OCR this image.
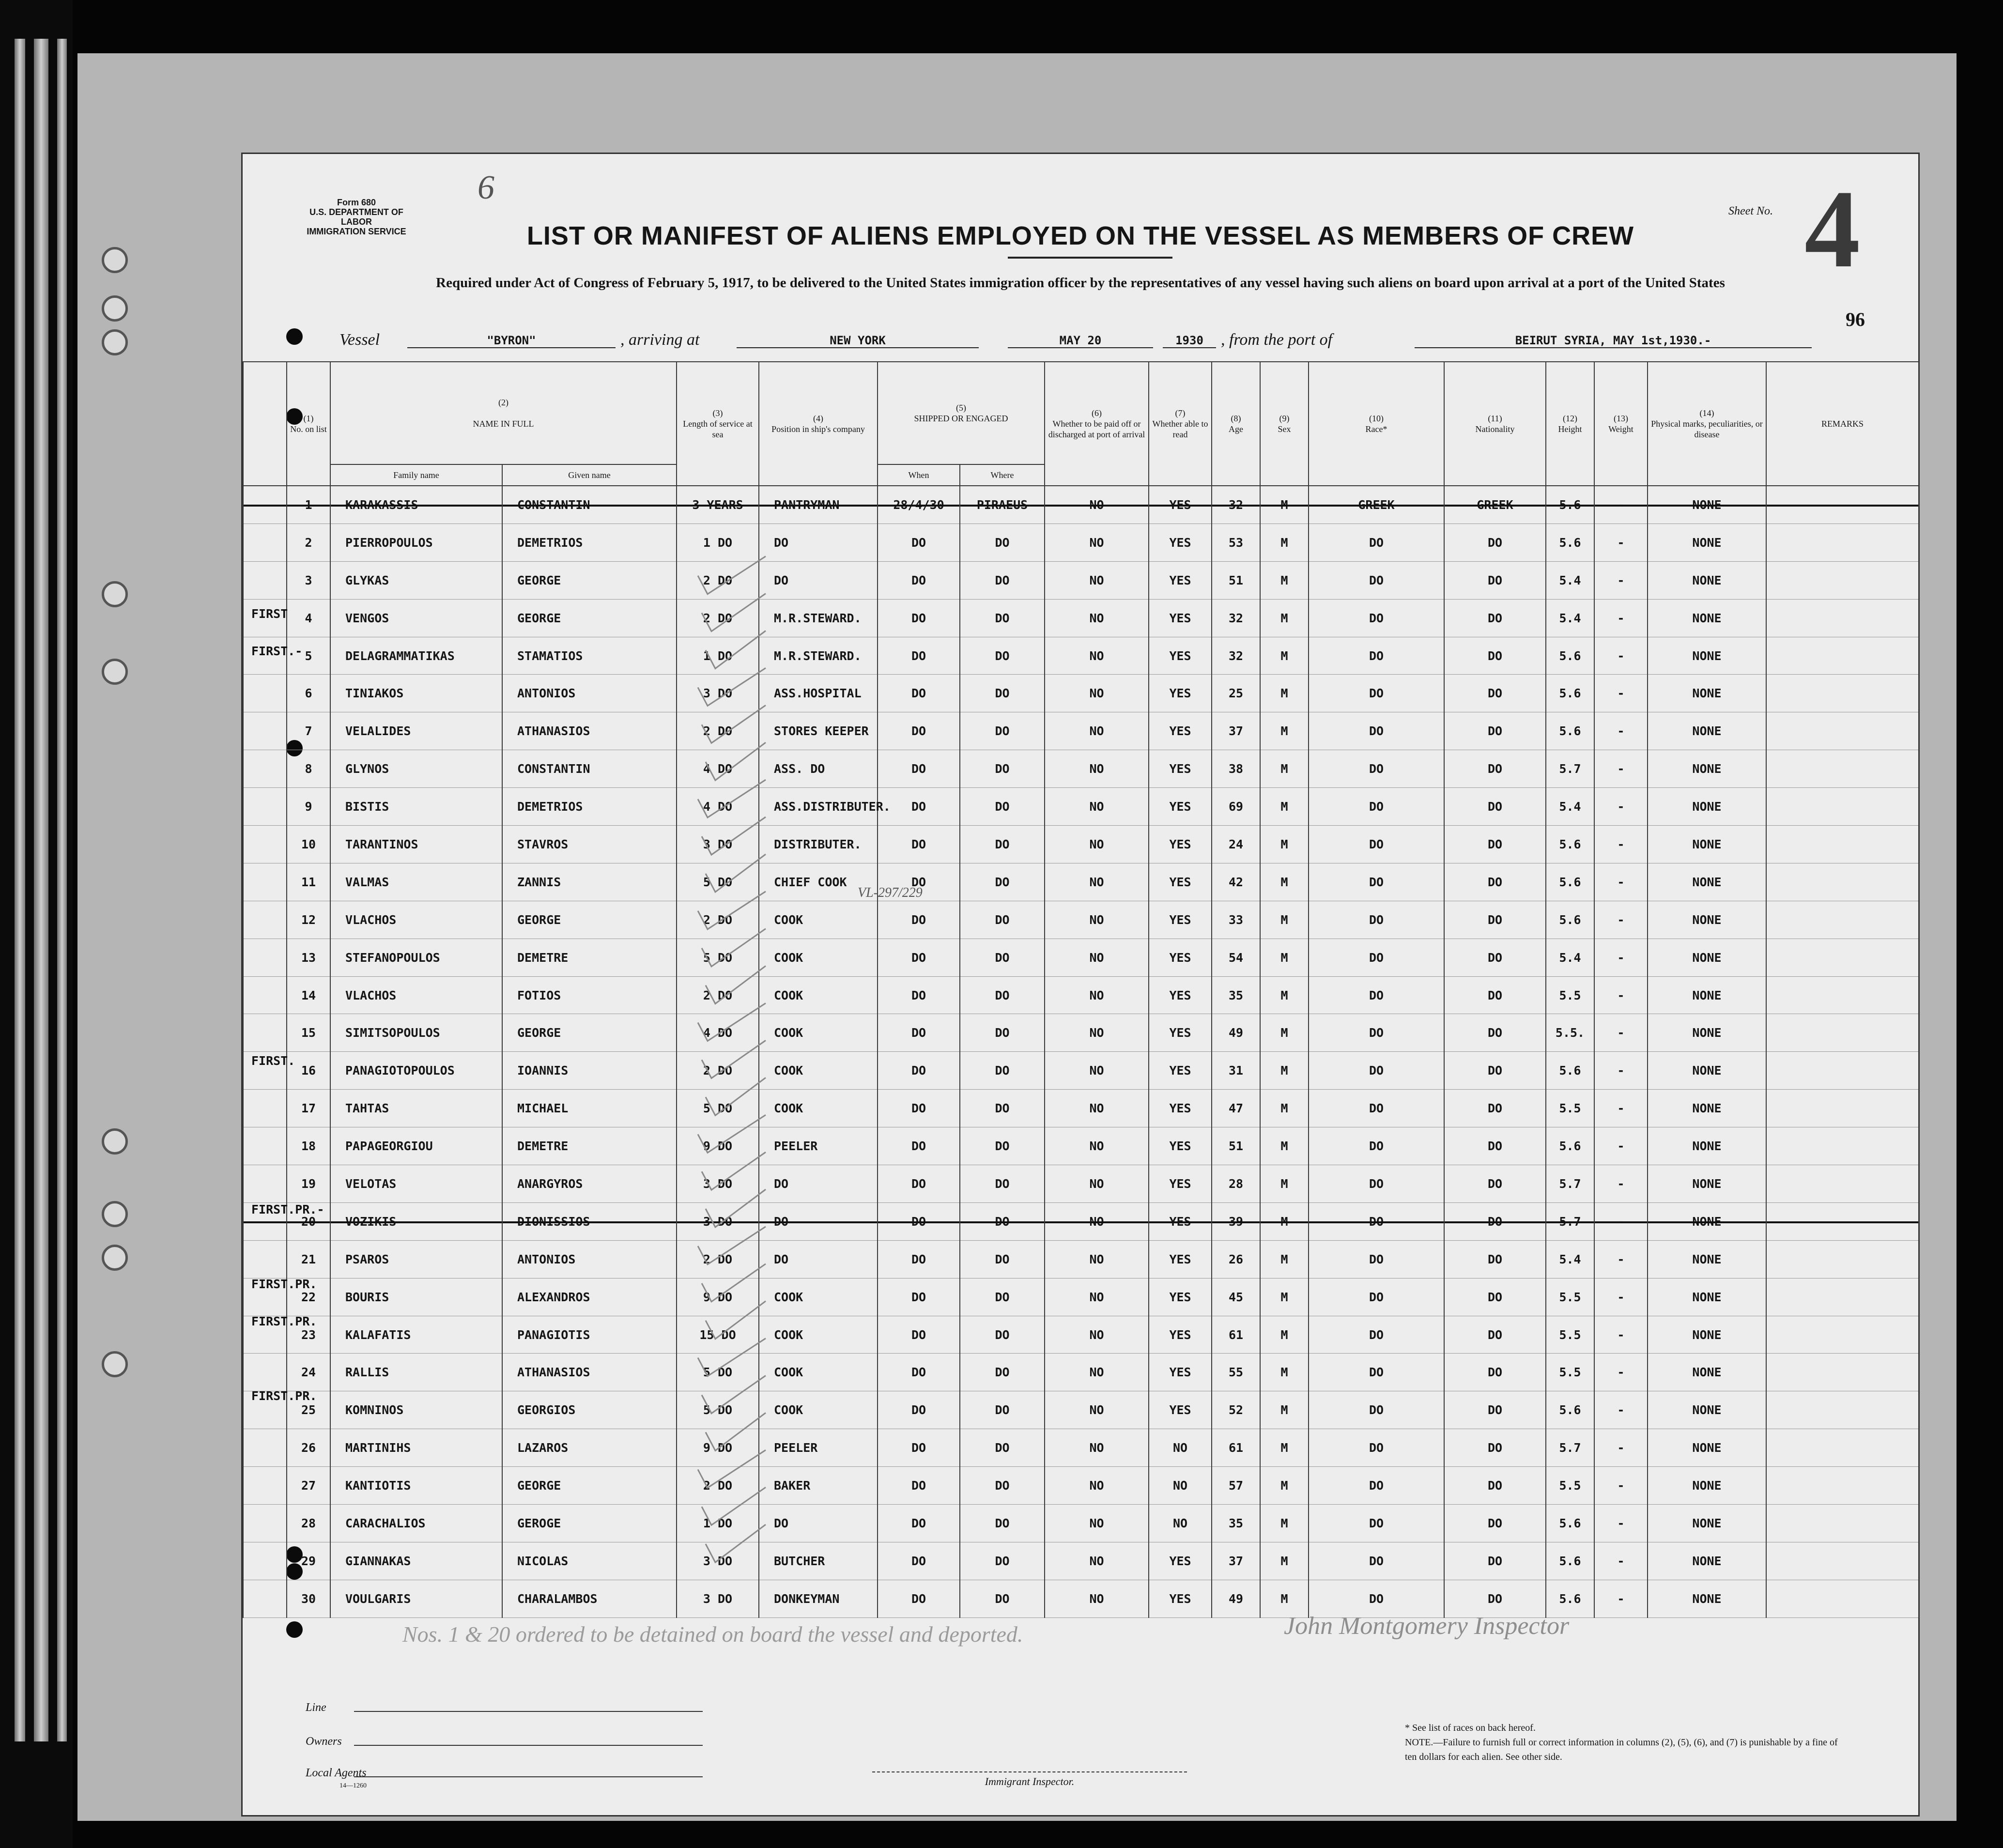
Form 680
U.S. DEPARTMENT OF LABOR
IMMIGRATION SERVICE
6
LIST OR MANIFEST OF ALIENS EMPLOYED ON THE VESSEL AS MEMBERS OF CREW
Required under Act of Congress of February 5, 1917, to be delivered to the United States immigration officer by the representatives of any vessel having such aliens on board upon arrival at a port of the United States
Sheet No. 4
96
Vessel	"BYRON"	, arriving at	NEW YORK	MAY 20	1930	, from the port of	BEIRUT SYRIA, MAY 1st,1930.-
	(1)
No. on list	(2)

NAME IN FULL		(3)
Length of service at sea	(4)
Position in ship's company	(5)
SHIPPED OR ENGAGED		(6)
Whether to be paid off or discharged at port of arrival	(7)
Whether able to read	(8)
Age	(9)
Sex	(10)
Race*	(11)
Nationality	(12)
Height	(13)
Weight	(14)
Physical marks, peculiarities, or disease	REMARKS
		Family name	Given name			When	Where										
	1	KARAKASSIS	CONSTANTIN	3 YEARS	PANTRYMAN	28/4/30	PIRAEUS	NO	YES	32	M	GREEK	GREEK	5.6	-	NONE	
	2	PIERROPOULOS	DEMETRIOS	1 DO	DO	DO	DO	NO	YES	53	M	DO	DO	5.6	-	NONE	
	3	GLYKAS	GEORGE	2 DO	DO	DO	DO	NO	YES	51	M	DO	DO	5.4	-	NONE	
	4	VENGOS	GEORGE	2 DO	M.R.STEWARD.	DO	DO	NO	YES	32	M	DO	DO	5.4	-	NONE	
	5	DELAGRAMMATIKAS	STAMATIOS	1 DO	M.R.STEWARD.	DO	DO	NO	YES	32	M	DO	DO	5.6	-	NONE	
	6	TINIAKOS	ANTONIOS	3 DO	ASS.HOSPITAL	DO	DO	NO	YES	25	M	DO	DO	5.6	-	NONE	
	7	VELALIDES	ATHANASIOS	2 DO	STORES KEEPER	DO	DO	NO	YES	37	M	DO	DO	5.6	-	NONE	
	8	GLYNOS	CONSTANTIN	4 DO	ASS. DO	DO	DO	NO	YES	38	M	DO	DO	5.7	-	NONE	
	9	BISTIS	DEMETRIOS	4 DO	ASS.DISTRIBUTER.	DO	DO	NO	YES	69	M	DO	DO	5.4	-	NONE	
	10	TARANTINOS	STAVROS	3 DO	DISTRIBUTER.	DO	DO	NO	YES	24	M	DO	DO	5.6	-	NONE	
	11	VALMAS	ZANNIS	5 DO	CHIEF COOK	DO	DO	NO	YES	42	M	DO	DO	5.6	-	NONE	
	12	VLACHOS	GEORGE	2 DO	COOK	DO	DO	NO	YES	33	M	DO	DO	5.6	-	NONE	
	13	STEFANOPOULOS	DEMETRE	5 DO	COOK	DO	DO	NO	YES	54	M	DO	DO	5.4	-	NONE	
	14	VLACHOS	FOTIOS	2 DO	COOK	DO	DO	NO	YES	35	M	DO	DO	5.5	-	NONE	
	15	SIMITSOPOULOS	GEORGE	4 DO	COOK	DO	DO	NO	YES	49	M	DO	DO	5.5.	-	NONE	
	16	PANAGIOTOPOULOS	IOANNIS	2 DO	COOK	DO	DO	NO	YES	31	M	DO	DO	5.6	-	NONE	
	17	TAHTAS	MICHAEL	5 DO	COOK	DO	DO	NO	YES	47	M	DO	DO	5.5	-	NONE	
	18	PAPAGEORGIOU	DEMETRE	9 DO	PEELER	DO	DO	NO	YES	51	M	DO	DO	5.6	-	NONE	
	19	VELOTAS	ANARGYROS	3 DO	DO	DO	DO	NO	YES	28	M	DO	DO	5.7	-	NONE	
	20	VOZIKIS	DIONISSIOS	3 DO	DO	DO	DO	NO	YES	39	M	DO	DO	5.7	-	NONE	
	21	PSAROS	ANTONIOS	2 DO	DO	DO	DO	NO	YES	26	M	DO	DO	5.4	-	NONE	
	22	BOURIS	ALEXANDROS	9 DO	COOK	DO	DO	NO	YES	45	M	DO	DO	5.5	-	NONE	
	23	KALAFATIS	PANAGIOTIS	15 DO	COOK	DO	DO	NO	YES	61	M	DO	DO	5.5	-	NONE	
	24	RALLIS	ATHANASIOS	5 DO	COOK	DO	DO	NO	YES	55	M	DO	DO	5.5	-	NONE	
	25	KOMNINOS	GEORGIOS	5 DO	COOK	DO	DO	NO	YES	52	M	DO	DO	5.6	-	NONE	
	26	MARTINIHS	LAZAROS	9 DO	PEELER	DO	DO	NO	NO	61	M	DO	DO	5.7	-	NONE	
	27	KANTIOTIS	GEORGE	2 DO	BAKER	DO	DO	NO	NO	57	M	DO	DO	5.5	-	NONE	
	28	CARACHALIOS	GEROGE	1 DO	DO	DO	DO	NO	NO	35	M	DO	DO	5.6	-	NONE	
	29	GIANNAKAS	NICOLAS	3 DO	BUTCHER	DO	DO	NO	YES	37	M	DO	DO	5.6	-	NONE	
	30	VOULGARIS	CHARALAMBOS	3 DO	DONKEYMAN	DO	DO	NO	YES	49	M	DO	DO	5.6	-	NONE	
FIRST
FIRST.-
FIRST.
FIRST.PR.-
FIRST.PR.
FIRST.PR.
FIRST.PR.
VL-297/229
Nos. 1 & 20 ordered to be detained on board the vessel and deported.	John Montgomery Inspector
Line
Owners
Local Agents
14—1260	Immigrant Inspector.
* See list of races on back hereof.
NOTE.—Failure to furnish full or correct information in columns (2), (5), (6), and (7) is punishable by a fine of ten dollars for each alien. See other side.
